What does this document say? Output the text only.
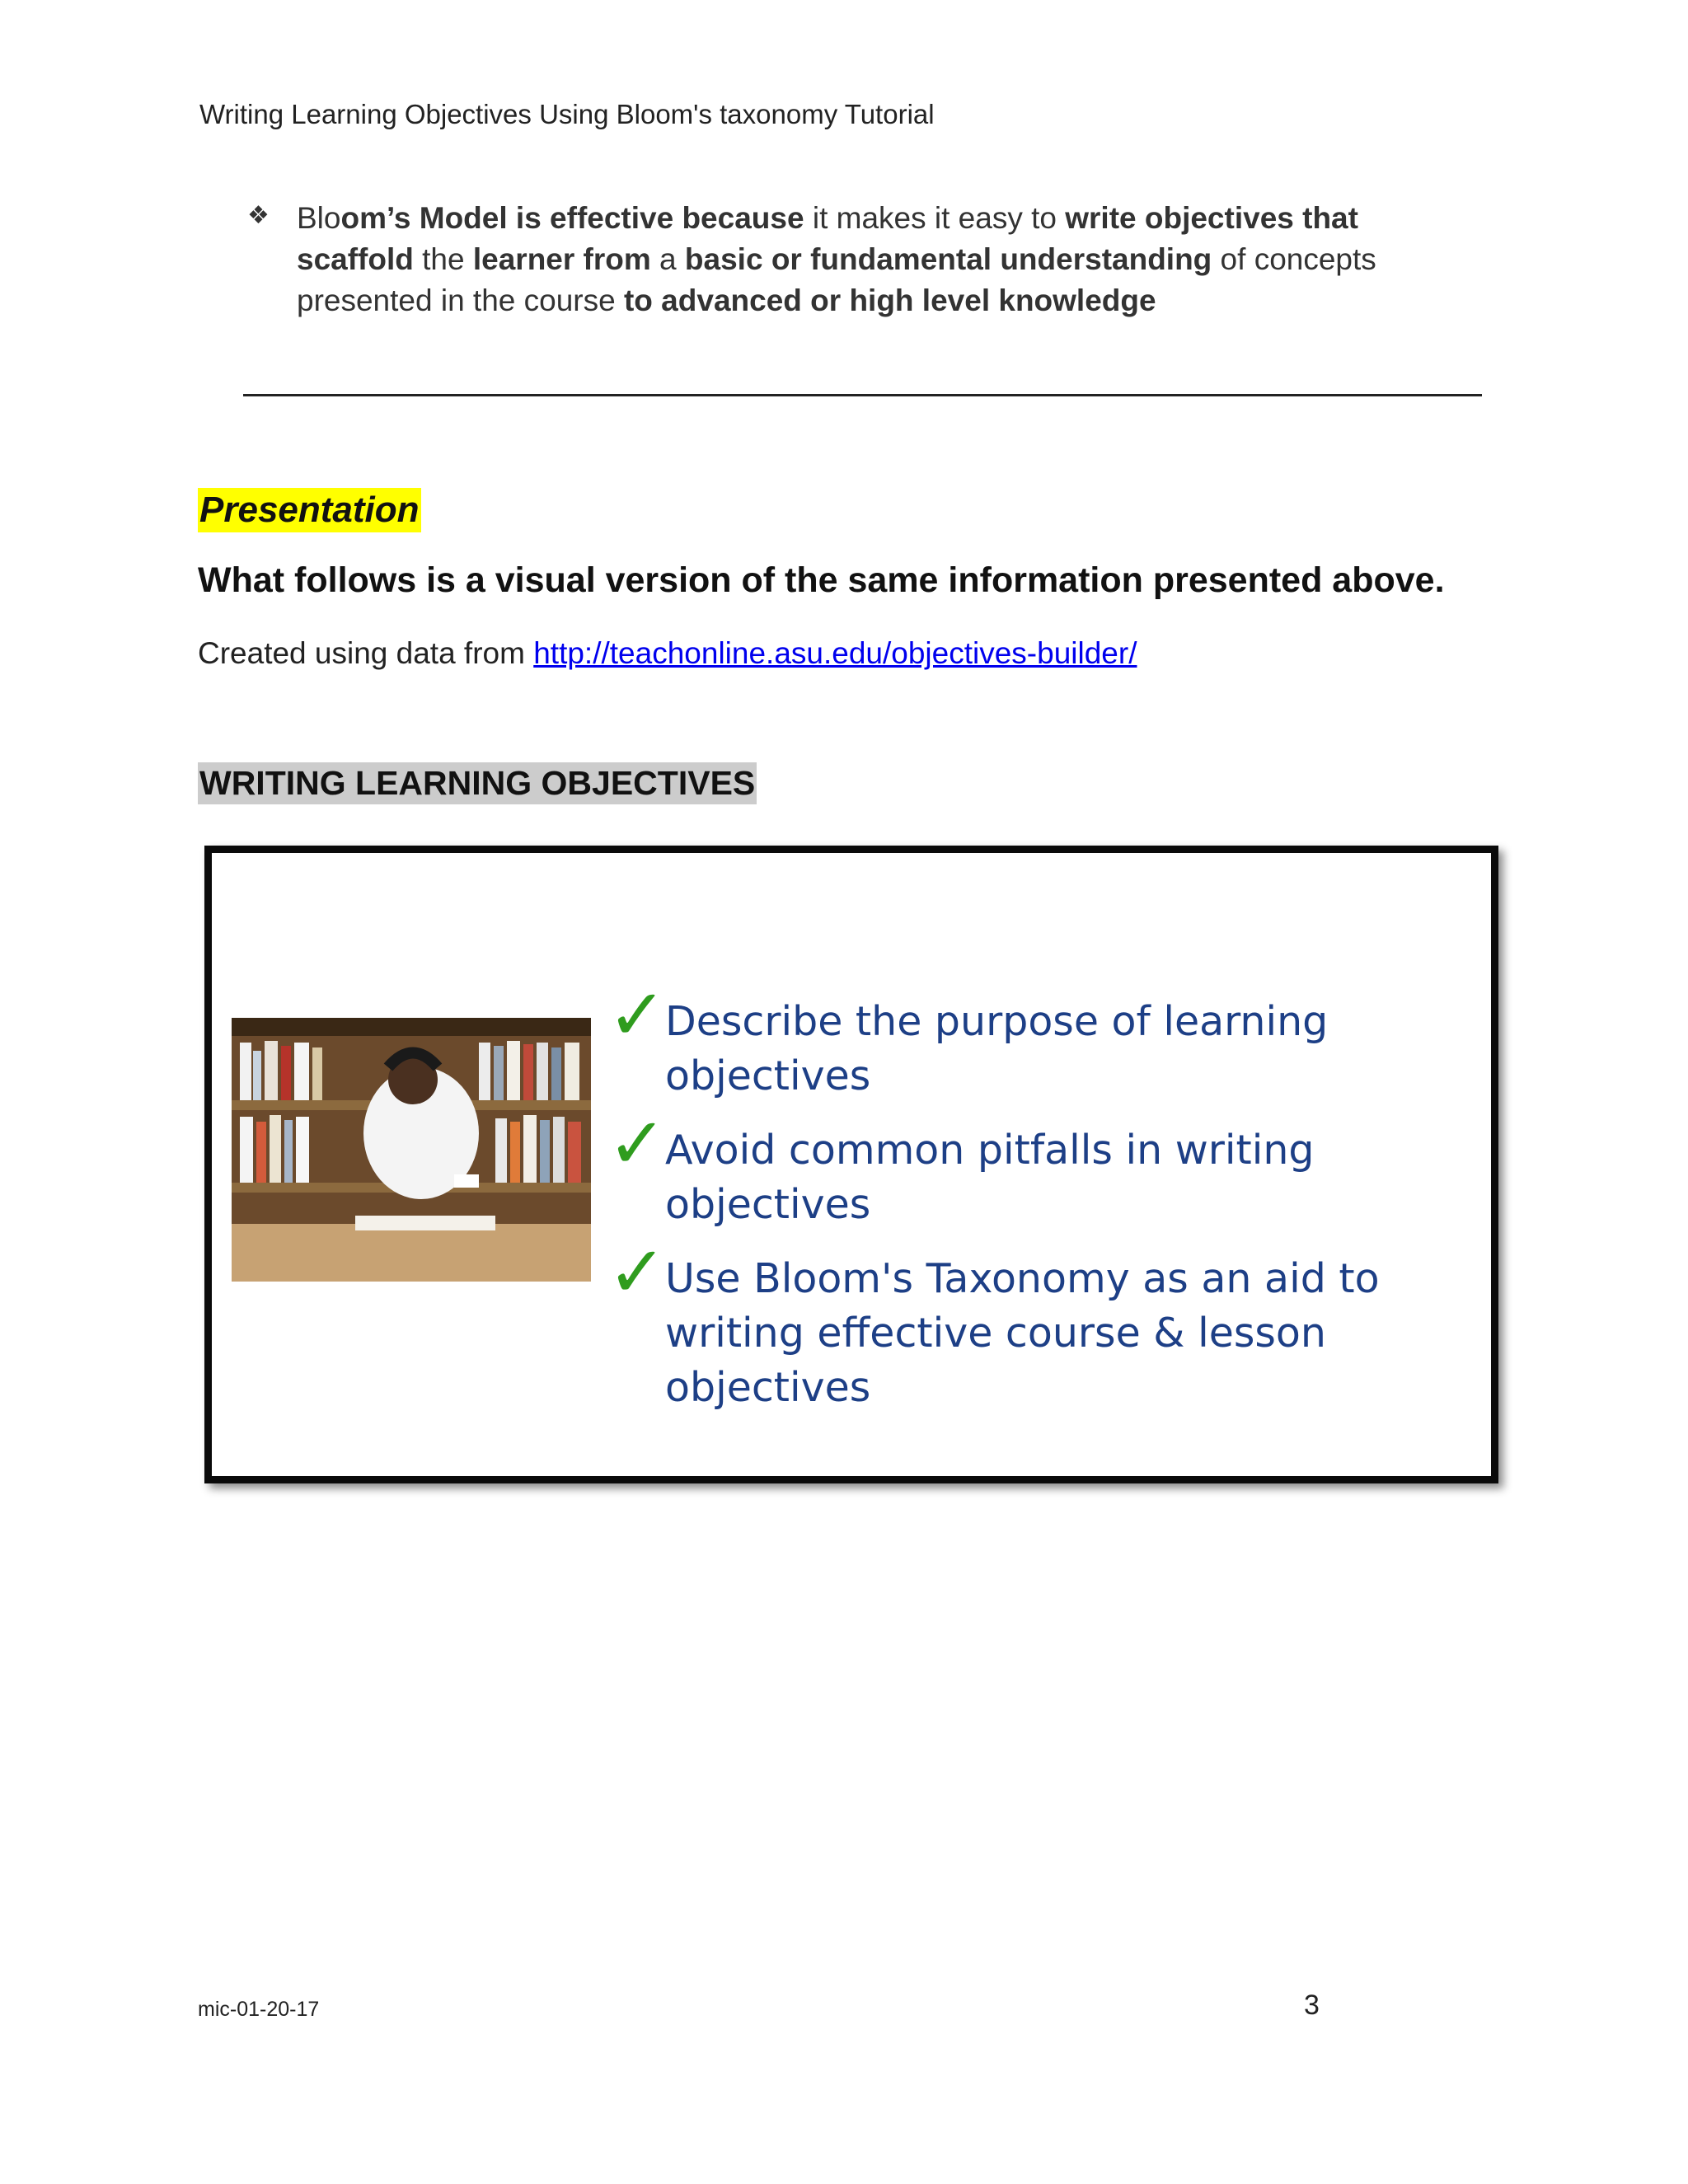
Writing Learning Objectives Using Bloom's taxonomy Tutorial
❖ Bloom’s Model is effective because it makes it easy to write objectives that scaffold the learner from a basic or fundamental understanding of concepts presented in the course to advanced or high level knowledge
Presentation
What follows is a visual version of the same information presented above.
Created using data from http://teachonline.asu.edu/objectives-builder/
WRITING LEARNING OBJECTIVES
✓
Describe the purpose of learning objectives
✓
Avoid common pitfalls in writing objectives
✓
Use Bloom's Taxonomy as an aid to writing effective course & lesson objectives
mic-01-20-17	3
